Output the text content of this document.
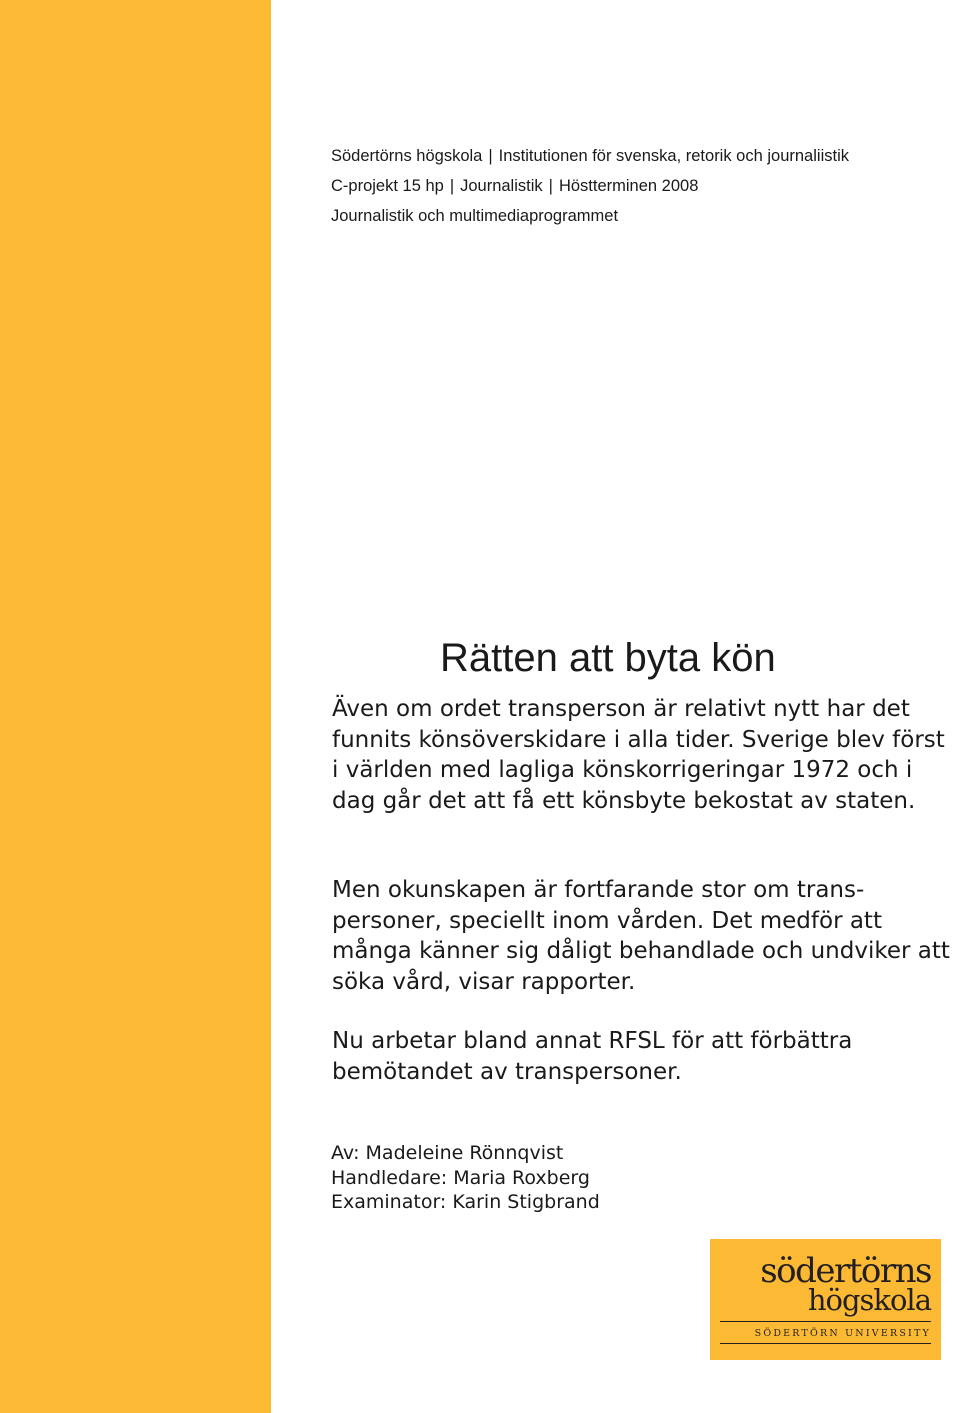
Södertörns högskola | Institutionen för svenska, retorik och journaliistik
C-projekt 15 hp | Journalistik | Höstterminen 2008
Journalistik och multimediaprogrammet
Rätten att byta kön

Även om ordet transperson är relativt nytt har det funnits könsöverskidare i alla tider. Sverige blev först i världen med lagliga könskorrigeringar 1972 och i dag går det att få ett könsbyte bekostat av staten.

Men okunskapen är fortfarande stor om trans-personer, speciellt inom vården. Det medför att många känner sig dåligt behandlade och undviker att söka vård, visar rapporter.

Nu arbetar bland annat RFSL för att förbättra bemötandet av transpersoner.

Av: Madeleine Rönnqvist
Handledare: Maria Roxberg
Examinator: Karin Stigbrand
södertörns
högskola
SÖDERTÖRN UNIVERSITY
